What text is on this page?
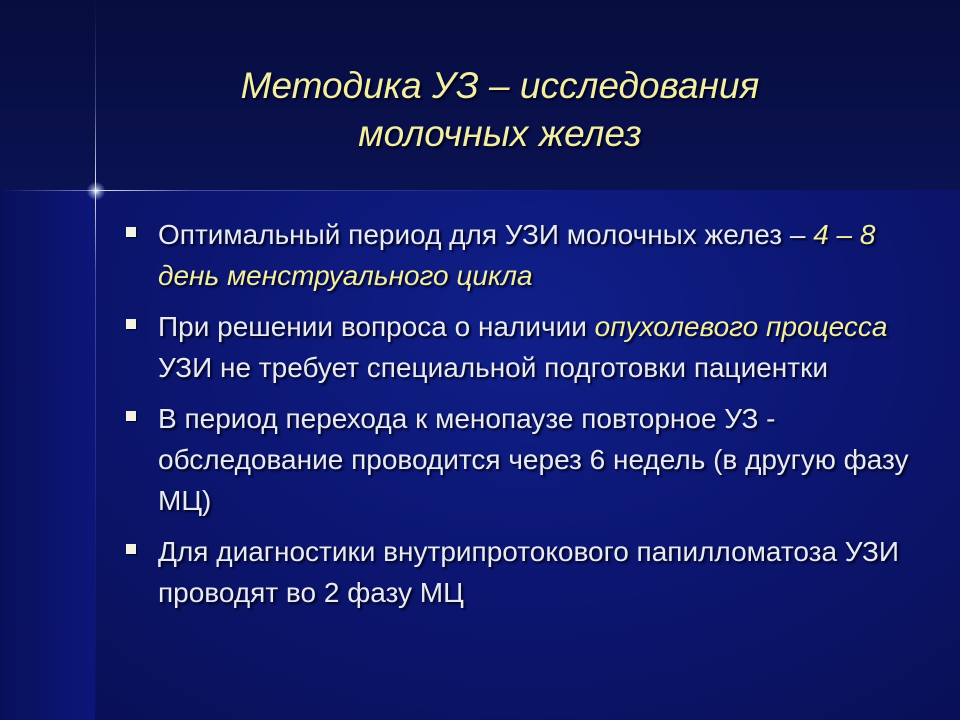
Методика УЗ – исследования
молочных желез
Оптимальный период для УЗИ молочных желез – 4 – 8 день менструального цикла
При решении вопроса о наличии опухолевого процесса УЗИ не требует специальной подготовки пациентки
В период перехода к менопаузе повторное УЗ - обследование проводится через 6 недель (в другую фазу МЦ)
Для диагностики внутрипротокового папилломатоза УЗИ проводят во 2 фазу МЦ
